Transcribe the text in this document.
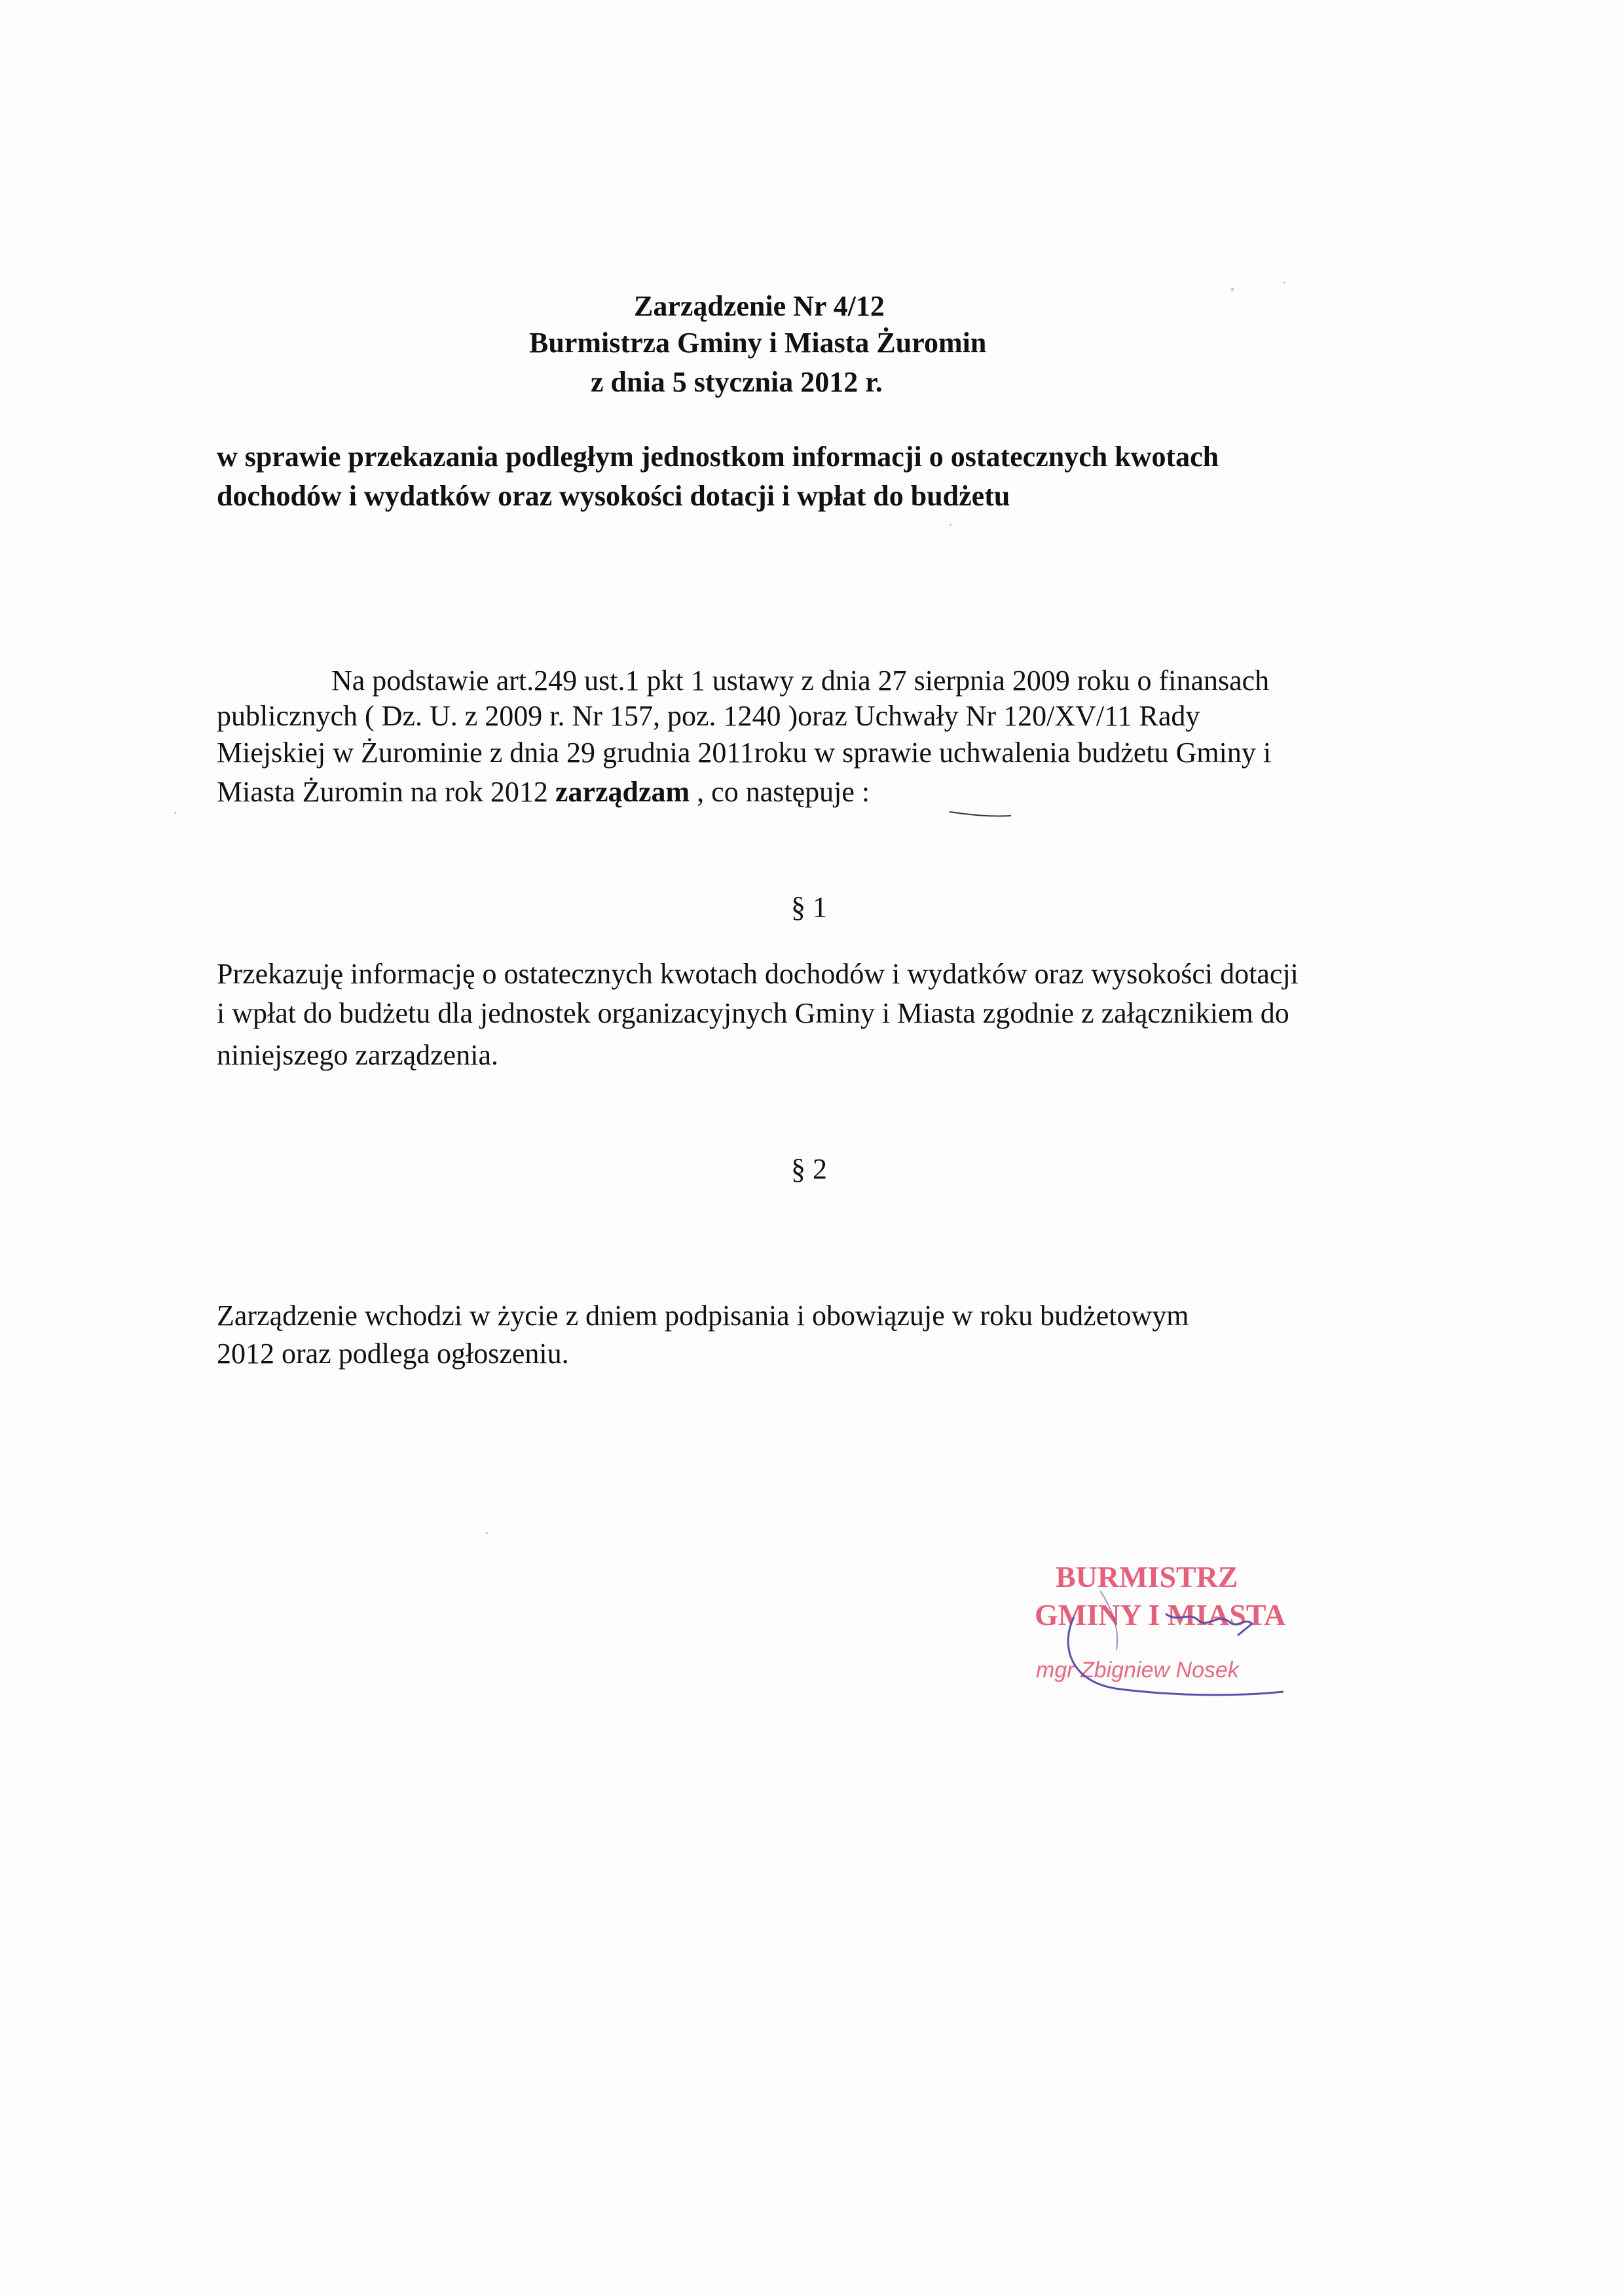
Zarządzenie Nr 4/12
Burmistrza Gminy i Miasta Żuromin
z dnia 5 stycznia 2012 r.
w sprawie przekazania podległym jednostkom informacji o ostatecznych kwotach
dochodów i wydatków oraz wysokości dotacji i wpłat do budżetu
Na podstawie art.249 ust.1 pkt 1 ustawy z dnia 27 sierpnia 2009 roku o finansach
publicznych ( Dz. U. z 2009 r. Nr 157, poz. 1240 )oraz Uchwały Nr 120/XV/11 Rady
Miejskiej w Żurominie z dnia 29 grudnia 2011roku w sprawie uchwalenia budżetu Gminy i
Miasta Żuromin na rok 2012 zarządzam , co następuje :
§ 1
Przekazuję informację o ostatecznych kwotach dochodów i wydatków oraz wysokości dotacji
i wpłat do budżetu dla jednostek organizacyjnych Gminy i Miasta zgodnie z załącznikiem do
niniejszego zarządzenia.
§ 2
Zarządzenie wchodzi w życie z dniem podpisania i obowiązuje w roku budżetowym
2012 oraz podlega ogłoszeniu.
BURMISTRZ
GMINY I MIASTA
mgr Zbigniew Nosek
